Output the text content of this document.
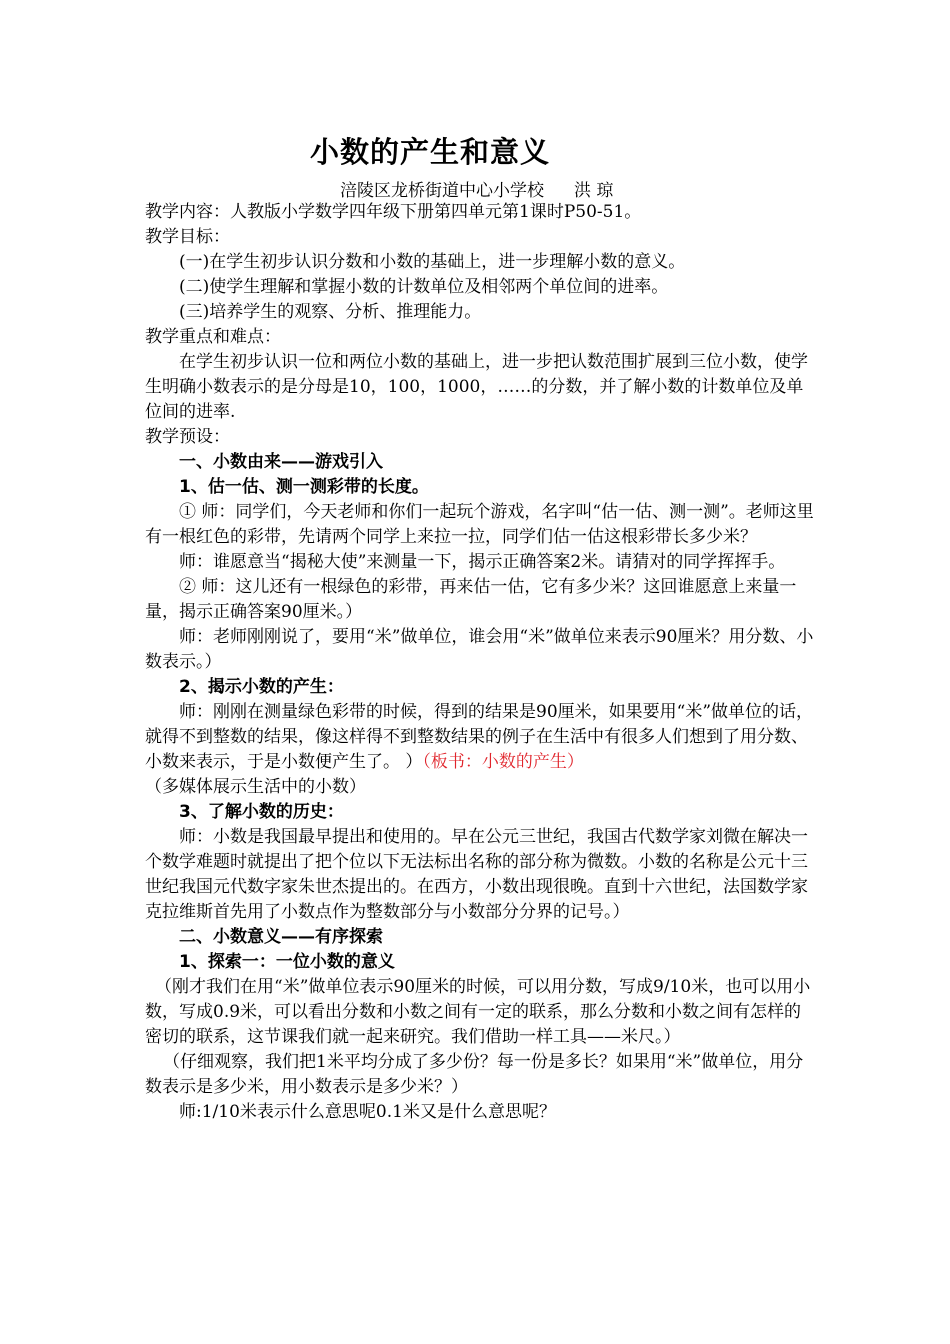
小数的产生和意义
涪陵区龙桥街道中心小学校 洪 琼

教学内容：人教版小学数学四年级下册第四单元第1课时P50-51。

教学目标：

(一)在学生初步认识分数和小数的基础上，进一步理解小数的意义。

(二)使学生理解和掌握小数的计数单位及相邻两个单位间的进率。

(三)培养学生的观察、分析、推理能力。

教学重点和难点：

在学生初步认识一位和两位小数的基础上，进一步把认数范围扩展到三位小数，使学生明确小数表示的是分母是10，100，1000，……的分数，并了解小数的计数单位及单位间的进率.

教学预设：

一、小数由来——游戏引入

1、估一估、测一测彩带的长度。

① 师：同学们，今天老师和你们一起玩个游戏，名字叫“估一估、测一测”。老师这里有一根红色的彩带，先请两个同学上来拉一拉，同学们估一估这根彩带长多少米？

师：谁愿意当“揭秘大使”来测量一下，揭示正确答案2米。请猜对的同学挥挥手。

② 师：这儿还有一根绿色的彩带，再来估一估，它有多少米？这回谁愿意上来量一量，揭示正确答案90厘米。）

师：老师刚刚说了，要用“米”做单位，谁会用“米”做单位来表示90厘米？用分数、小数表示。）

2、揭示小数的产生：

师：刚刚在测量绿色彩带的时候，得到的结果是90厘米，如果要用“米”做单位的话，就得不到整数的结果，像这样得不到整数结果的例子在生活中有很多人们想到了用分数、小数来表示，于是小数便产生了。 ）（板书：小数的产生）

（多媒体展示生活中的小数）

3、了解小数的历史：

师：小数是我国最早提出和使用的。早在公元三世纪，我国古代数学家刘微在解决一个数学难题时就提出了把个位以下无法标出名称的部分称为微数。小数的名称是公元十三世纪我国元代数字家朱世杰提出的。在西方，小数出现很晚。直到十六世纪，法国数学家克拉维斯首先用了小数点作为整数部分与小数部分分界的记号。）

二、小数意义——有序探索

1、探索一：一位小数的意义

（刚才我们在用“米”做单位表示90厘米的时候，可以用分数，写成9/10米，也可以用小数，写成0.9米，可以看出分数和小数之间有一定的联系，那么分数和小数之间有怎样的密切的联系，这节课我们就一起来研究。我们借助一样工具——米尺。）

（仔细观察，我们把1米平均分成了多少份？每一份是多长？如果用“米”做单位，用分数表示是多少米，用小数表示是多少米？）

师:1/10米表示什么意思呢0.1米又是什么意思呢？
